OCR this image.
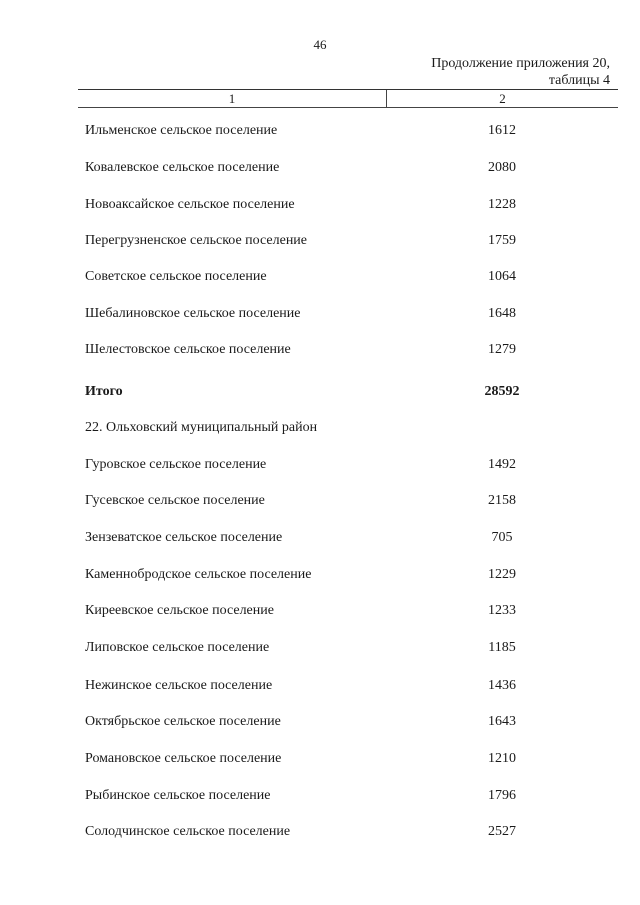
46
Продолжение приложения 20,
таблицы 4
1	2
Ильменское сельское поселение	1612
Ковалевское сельское поселение	2080
Новоаксайское сельское поселение	1228
Перегрузненское сельское поселение	1759
Советское сельское поселение	1064
Шебалиновское сельское поселение	1648
Шелестовское сельское поселение	1279
Итого	28592
22. Ольховский муниципальный район
Гуровское сельское поселение	1492
Гусевское сельское поселение	2158
Зензеватское сельское поселение	705
Каменнобродское сельское поселение	1229
Киреевское сельское поселение	1233
Липовское сельское поселение	1185
Нежинское сельское поселение	1436
Октябрьское сельское поселение	1643
Романовское сельское поселение	1210
Рыбинское сельское поселение	1796
Солодчинское сельское поселение	2527
